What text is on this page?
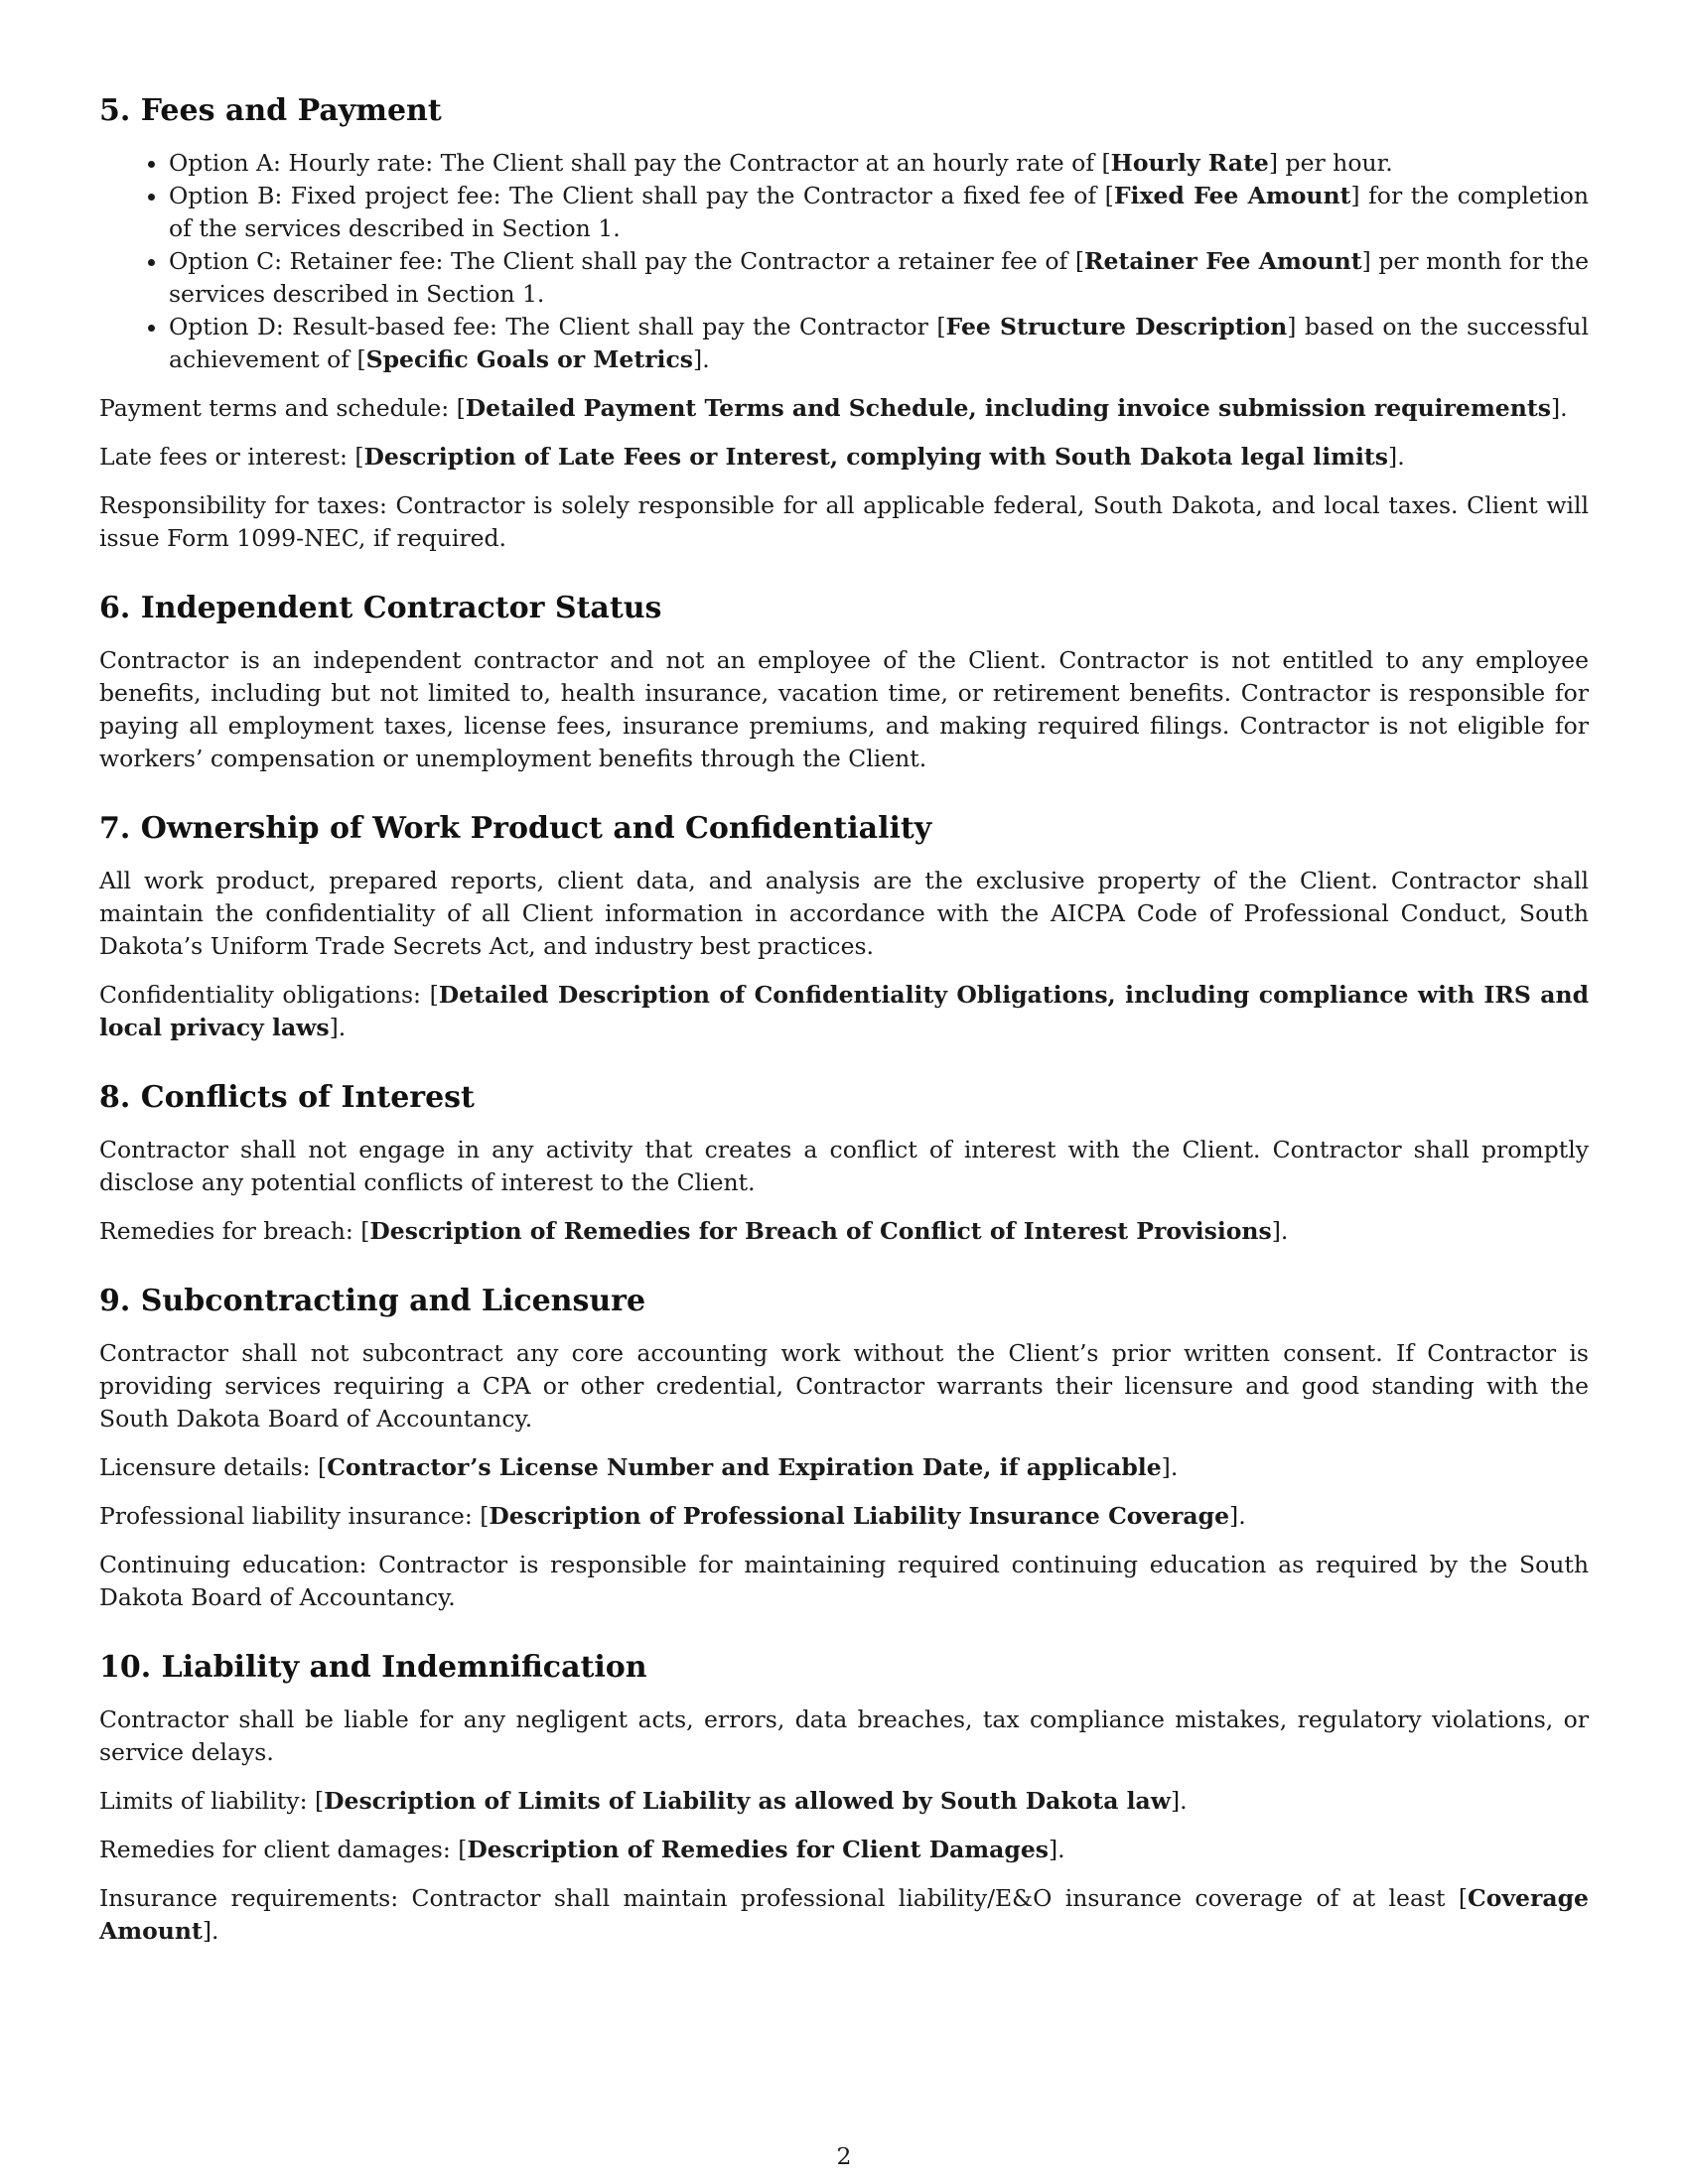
5. Fees and Payment
• Option A: Hourly rate: The Client shall pay the Contractor at an hourly rate of [Hourly Rate] per hour.
• Option B: Fixed project fee: The Client shall pay the Contractor a fixed fee of [Fixed Fee Amount] for the completion of the services described in Section 1.
• Option C: Retainer fee: The Client shall pay the Contractor a retainer fee of [Retainer Fee Amount] per month for the services described in Section 1.
• Option D: Result-based fee: The Client shall pay the Contractor [Fee Structure Description] based on the successful achievement of [Specific Goals or Metrics].

Payment terms and schedule: [Detailed Payment Terms and Schedule, including invoice submission requirements].

Late fees or interest: [Description of Late Fees or Interest, complying with South Dakota legal limits].

Responsibility for taxes: Contractor is solely responsible for all applicable federal, South Dakota, and local taxes. Client will issue Form 1099-NEC, if required.

6. Independent Contractor Status

Contractor is an independent contractor and not an employee of the Client. Contractor is not entitled to any employee benefits, including but not limited to, health insurance, vacation time, or retirement benefits. Contractor is responsible for paying all employment taxes, license fees, insurance premiums, and making required filings. Contractor is not eligible for workers’ compensation or unemployment benefits through the Client.

7. Ownership of Work Product and Confidentiality

All work product, prepared reports, client data, and analysis are the exclusive property of the Client. Contractor shall maintain the confidentiality of all Client information in accordance with the AICPA Code of Professional Conduct, South Dakota’s Uniform Trade Secrets Act, and industry best practices.

Confidentiality obligations: [Detailed Description of Confidentiality Obligations, including compliance with IRS and local privacy laws].

8. Conflicts of Interest

Contractor shall not engage in any activity that creates a conflict of interest with the Client. Contractor shall promptly disclose any potential conflicts of interest to the Client.

Remedies for breach: [Description of Remedies for Breach of Conflict of Interest Provisions].

9. Subcontracting and Licensure

Contractor shall not subcontract any core accounting work without the Client’s prior written consent. If Contractor is providing services requiring a CPA or other credential, Contractor warrants their licensure and good standing with the South Dakota Board of Accountancy.

Licensure details: [Contractor’s License Number and Expiration Date, if applicable].

Professional liability insurance: [Description of Professional Liability Insurance Coverage].

Continuing education: Contractor is responsible for maintaining required continuing education as required by the South Dakota Board of Accountancy.

10. Liability and Indemnification

Contractor shall be liable for any negligent acts, errors, data breaches, tax compliance mistakes, regulatory violations, or service delays.

Limits of liability: [Description of Limits of Liability as allowed by South Dakota law].

Remedies for client damages: [Description of Remedies for Client Damages].

Insurance requirements: Contractor shall maintain professional liability/E&O insurance coverage of at least [Coverage Amount].

2
